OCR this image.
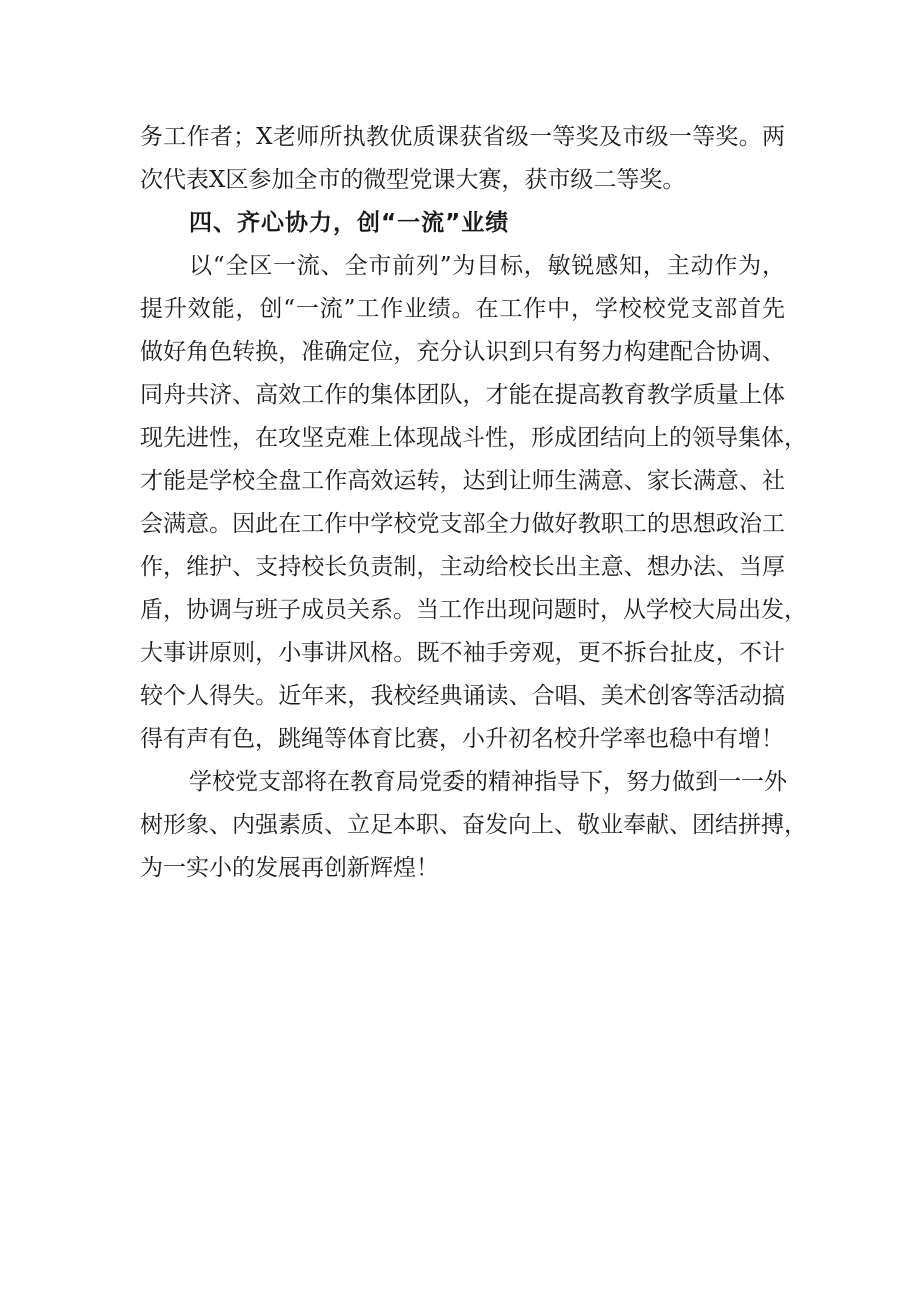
务工作者；X老师所执教优质课获省级一等奖及市级一等奖。两

次代表X区参加全市的微型党课大赛，获市级二等奖。

四、齐心协力，创“一流”业绩

以“全区一流、全市前列”为目标，敏锐感知，主动作为，

提升效能，创“一流”工作业绩。在工作中，学校校党支部首先

做好角色转换，准确定位，充分认识到只有努力构建配合协调、

同舟共济、高效工作的集体团队，才能在提高教育教学质量上体

现先进性，在攻坚克难上体现战斗性，形成团结向上的领导集体，

才能是学校全盘工作高效运转，达到让师生满意、家长满意、社

会满意。因此在工作中学校党支部全力做好教职工的思想政治工

作，维护、支持校长负责制，主动给校长出主意、想办法、当厚

盾，协调与班子成员关系。当工作出现问题时，从学校大局出发，

大事讲原则，小事讲风格。既不袖手旁观，更不拆台扯皮，不计

较个人得失。近年来，我校经典诵读、合唱、美术创客等活动搞

得有声有色，跳绳等体育比赛，小升初名校升学率也稳中有增！

学校党支部将在教育局党委的精神指导下，努力做到一一外

树形象、内强素质、立足本职、奋发向上、敬业奉献、团结拼搏，

为一实小的发展再创新辉煌！
